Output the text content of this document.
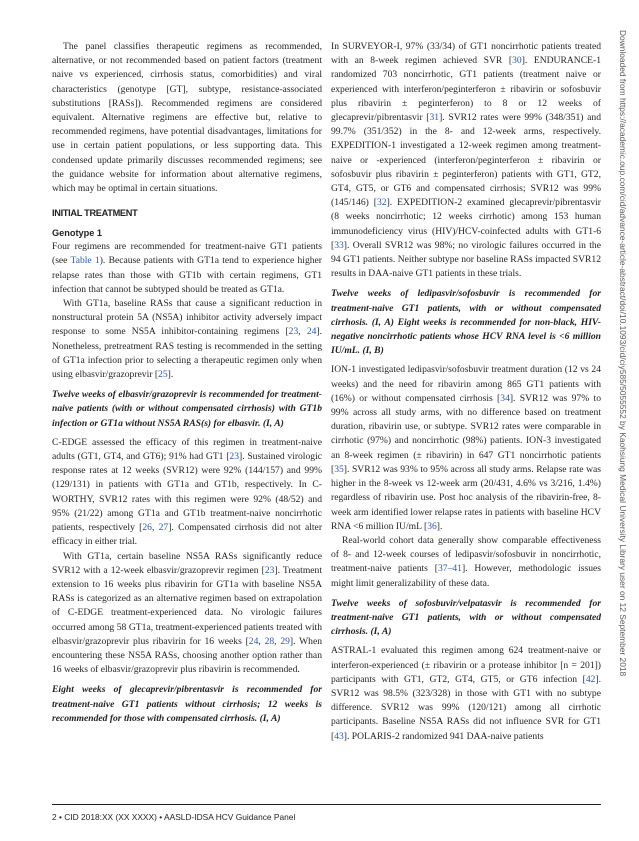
The panel classifies therapeutic regimens as recommended, alternative, or not recommended based on patient factors (treatment naive vs experienced, cirrhosis status, comorbidities) and viral characteristics (genotype [GT], subtype, resistance-associated substitutions [RASs]). Recommended regimens are considered equivalent. Alternative regimens are effective but, relative to recommended regimens, have potential disadvantages, limitations for use in certain patient populations, or less supporting data. This condensed update primarily discusses recommended regimens; see the guidance website for information about alternative regimens, which may be optimal in certain situations.

INITIAL TREATMENT

Genotype 1

Four regimens are recommended for treatment-naive GT1 patients (see Table 1). Because patients with GT1a tend to experience higher relapse rates than those with GT1b with certain regimens, GT1 infection that cannot be subtyped should be treated as GT1a.

With GT1a, baseline RASs that cause a significant reduction in nonstructural protein 5A (NS5A) inhibitor activity adversely impact response to some NS5A inhibitor-containing regimens [23, 24]. Nonetheless, pretreatment RAS testing is recommended in the setting of GT1a infection prior to selecting a therapeutic regimen only when using elbasvir/grazoprevir [25].

Twelve weeks of elbasvir/grazoprevir is recommended for treatment-naive patients (with or without compensated cirrhosis) with GT1b infection or GT1a without NS5A RAS(s) for elbasvir. (I, A)

C-EDGE assessed the efficacy of this regimen in treatment-naive adults (GT1, GT4, and GT6); 91% had GT1 [23]. Sustained virologic response rates at 12 weeks (SVR12) were 92% (144/157) and 99% (129/131) in patients with GT1a and GT1b, respectively. In C-WORTHY, SVR12 rates with this regimen were 92% (48/52) and 95% (21/22) among GT1a and GT1b treatment-naive noncirrhotic patients, respectively [26, 27]. Compensated cirrhosis did not alter efficacy in either trial.

With GT1a, certain baseline NS5A RASs significantly reduce SVR12 with a 12-week elbasvir/grazoprevir regimen [23]. Treatment extension to 16 weeks plus ribavirin for GT1a with baseline NS5A RASs is categorized as an alternative regimen based on extrapolation of C-EDGE treatment-experienced data. No virologic failures occurred among 58 GT1a, treatment-experienced patients treated with elbasvir/grazoprevir plus ribavirin for 16 weeks [24, 28, 29]. When encountering these NS5A RASs, choosing another option rather than 16 weeks of elbasvir/grazoprevir plus ribavirin is recommended.

Eight weeks of glecaprevir/pibrentasvir is recommended for treatment-naive GT1 patients without cirrhosis; 12 weeks is recommended for those with compensated cirrhosis. (I, A)

In SURVEYOR-I, 97% (33/34) of GT1 noncirrhotic patients treated with an 8-week regimen achieved SVR [30]. ENDURANCE-1 randomized 703 noncirrhotic, GT1 patients (treatment naive or experienced with interferon/peginterferon ± ribavirin or sofosbuvir plus ribavirin ± peginterferon) to 8 or 12 weeks of glecaprevir/pibrentasvir [31]. SVR12 rates were 99% (348/351) and 99.7% (351/352) in the 8- and 12-week arms, respectively. EXPEDITION-1 investigated a 12-week regimen among treatment-naive or -experienced (interferon/peginterferon ± ribavirin or sofosbuvir plus ribavirin ± peginterferon) patients with GT1, GT2, GT4, GT5, or GT6 and compensated cirrhosis; SVR12 was 99% (145/146) [32]. EXPEDITION-2 examined glecaprevir/pibrentasvir (8 weeks noncirrhotic; 12 weeks cirrhotic) among 153 human immunodeficiency virus (HIV)/HCV-coinfected adults with GT1-6 [33]. Overall SVR12 was 98%; no virologic failures occurred in the 94 GT1 patients. Neither subtype nor baseline RASs impacted SVR12 results in DAA-naive GT1 patients in these trials.

Twelve weeks of ledipasvir/sofosbuvir is recommended for treatment-naive GT1 patients, with or without compensated cirrhosis. (I, A) Eight weeks is recommended for non-black, HIV-negative noncirrhotic patients whose HCV RNA level is <6 million IU/mL. (I, B)

ION-1 investigated ledipasvir/sofosbuvir treatment duration (12 vs 24 weeks) and the need for ribavirin among 865 GT1 patients with (16%) or without compensated cirrhosis [34]. SVR12 was 97% to 99% across all study arms, with no difference based on treatment duration, ribavirin use, or subtype. SVR12 rates were comparable in cirrhotic (97%) and noncirrhotic (98%) patients. ION-3 investigated an 8-week regimen (± ribavirin) in 647 GT1 noncirrhotic patients [35]. SVR12 was 93% to 95% across all study arms. Relapse rate was higher in the 8-week vs 12-week arm (20/431, 4.6% vs 3/216, 1.4%) regardless of ribavirin use. Post hoc analysis of the ribavirin-free, 8-week arm identified lower relapse rates in patients with baseline HCV RNA <6 million IU/mL [36].

Real-world cohort data generally show comparable effectiveness of 8- and 12-week courses of ledipasvir/sofosbuvir in noncirrhotic, treatment-naive patients [37–41]. However, methodologic issues might limit generalizability of these data.

Twelve weeks of sofosbuvir/velpatasvir is recommended for treatment-naive GT1 patients, with or without compensated cirrhosis. (I, A)

ASTRAL-1 evaluated this regimen among 624 treatment-naive or interferon-experienced (± ribavirin or a protease inhibitor [n = 201]) participants with GT1, GT2, GT4, GT5, or GT6 infection [42]. SVR12 was 98.5% (323/328) in those with GT1 with no subtype difference. SVR12 was 99% (120/121) among all cirrhotic participants. Baseline NS5A RASs did not influence SVR for GT1 [43]. POLARIS-2 randomized 941 DAA-naive patients

Downloaded from https://academic.oup.com/cid/advance-article-abstract/doi/10.1093/cid/ciy585/5055552 by Kaohsiung Medical University Library user on 12 September 2018
2 • CID 2018:XX (XX XXXX) • AASLD-IDSA HCV Guidance Panel
